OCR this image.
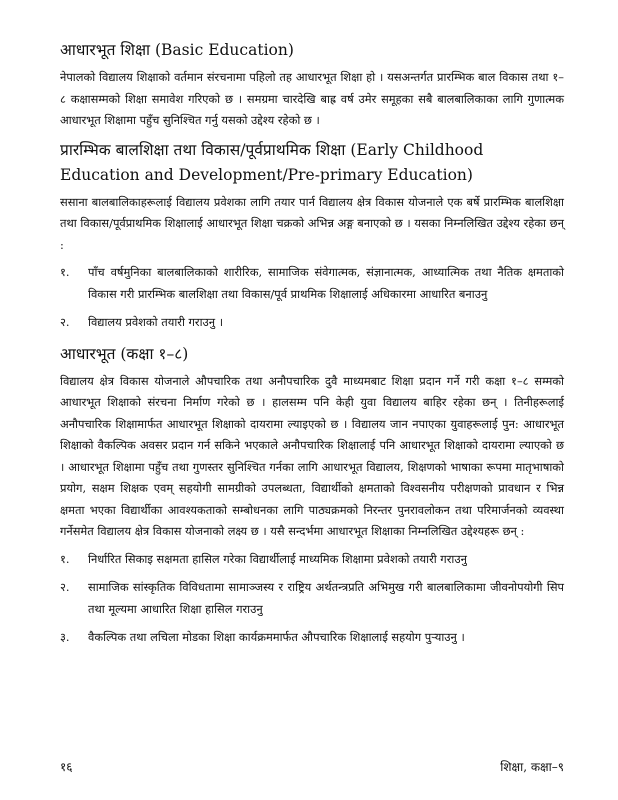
आधारभूत शिक्षा (Basic Education)

नेपालको विद्यालय शिक्षाको वर्तमान संरचनामा पहिलो तह आधारभूत शिक्षा हो । यसअन्तर्गत प्रारम्भिक बाल विकास तथा १–८ कक्षासम्मको शिक्षा समावेश गरिएको छ । समग्रमा चारदेखि बाह्र वर्ष उमेर समूहका सबै बालबालिकाका लागि गुणात्मक आधारभूत शिक्षामा पहुँच सुनिश्चित गर्नु यसको उद्देश्य रहेको छ ।

प्रारम्भिक बालशिक्षा तथा विकास/पूर्वप्राथमिक शिक्षा (Early Childhood Education and Development/Pre-primary Education)

ससाना बालबालिकाहरूलाई विद्यालय प्रवेशका लागि तयार पार्न विद्यालय क्षेत्र विकास योजनाले एक बर्षे प्रारम्भिक बालशिक्षा तथा विकास/पूर्वप्राथमिक शिक्षालाई आधारभूत शिक्षा चक्रको अभिन्न अङ्ग बनाएको छ । यसका निम्नलिखित उद्देश्य रहेका छन् :

१.	पाँच वर्षमुनिका बालबालिकाको शारीरिक, सामाजिक संवेगात्मक, संज्ञानात्मक, आध्यात्मिक तथा नैतिक क्षमताको विकास गरी प्रारम्भिक बालशिक्षा तथा विकास/पूर्व प्राथमिक शिक्षालाई अधिकारमा आधारित बनाउनु
२.	विद्यालय प्रवेशको तयारी गराउनु ।
आधारभूत (कक्षा १–८)

विद्यालय क्षेत्र विकास योजनाले औपचारिक तथा अनौपचारिक दुवै माध्यमबाट शिक्षा प्रदान गर्ने गरी कक्षा १–८ सम्मको आधारभूत शिक्षाको संरचना निर्माण गरेको छ । हालसम्म पनि केही युवा विद्यालय बाहिर रहेका छन् । तिनीहरूलाई अनौपचारिक शिक्षामार्फत आधारभूत शिक्षाको दायरामा ल्याइएको छ । विद्यालय जान नपाएका युवाहरूलाई पुन: आधारभूत शिक्षाको वैकल्पिक अवसर प्रदान गर्न सकिने भएकाले अनौपचारिक शिक्षालाई पनि आधारभूत शिक्षाको दायरामा ल्याएको छ । आधारभूत शिक्षामा पहुँच तथा गुणस्तर सुनिश्चित गर्नका लागि आधारभूत विद्यालय, शिक्षणको भाषाका रूपमा मातृभाषाको प्रयोग, सक्षम शिक्षक एवम् सहयोगी सामग्रीको उपलब्धता, विद्यार्थीको क्षमताको विश्वसनीय परीक्षणको प्रावधान र भिन्न क्षमता भएका विद्यार्थीका आवश्यकताको सम्बोधनका लागि पाठ्यक्रमको निरन्तर पुनरावलोकन तथा परिमार्जनको व्यवस्था गर्नेसमेत विद्यालय क्षेत्र विकास योजनाको लक्ष्य छ । यसै सन्दर्भमा आधारभूत शिक्षाका निम्नलिखित उद्देश्यहरू छन् :

१.	निर्धारित सिकाइ सक्षमता हासिल गरेका विद्यार्थीलाई माध्यमिक शिक्षामा प्रवेशको तयारी गराउनु
२.	सामाजिक सांस्कृतिक विविधतामा सामाञ्जस्य र राष्ट्रिय अर्थतन्त्रप्रति अभिमुख गरी बालबालिकामा जीवनोपयोगी सिप तथा मूल्यमा आधारित शिक्षा हासिल गराउनु
३.	वैकल्पिक तथा लचिला मोडका शिक्षा कार्यक्रममार्फत औपचारिक शिक्षालाई सहयोग पुऱ्याउनु ।
१६	शिक्षा, कक्षा–९
